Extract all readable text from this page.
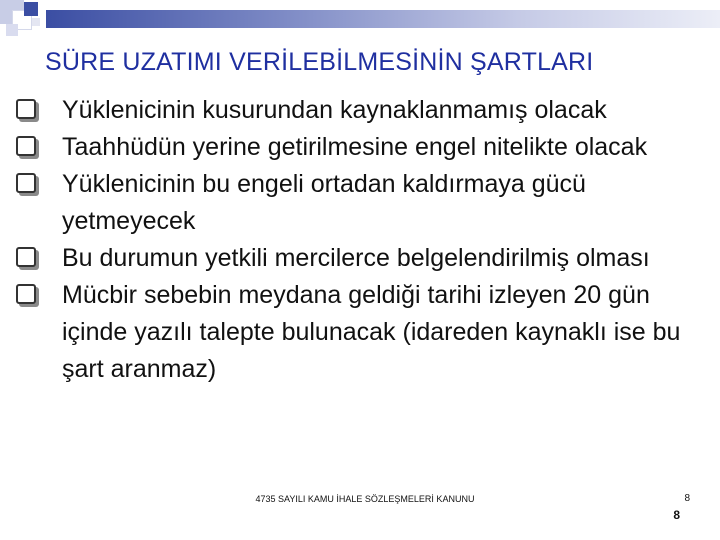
SÜRE UZATIMI VERİLEBİLMESİNİN ŞARTLARI
Yüklenicinin kusurundan kaynaklanmamış olacak
Taahhüdün yerine getirilmesine engel nitelikte olacak
Yüklenicinin bu engeli ortadan kaldırmaya gücü yetmeyecek
Bu durumun yetkili mercilerce belgelendirilmiş olması
Mücbir sebebin meydana geldiği tarihi izleyen 20 gün içinde yazılı talepte bulunacak (idareden kaynaklı ise bu şart aranmaz)
4735 SAYILI KAMU İHALE SÖZLEŞMELERİ KANUNU	8
8
